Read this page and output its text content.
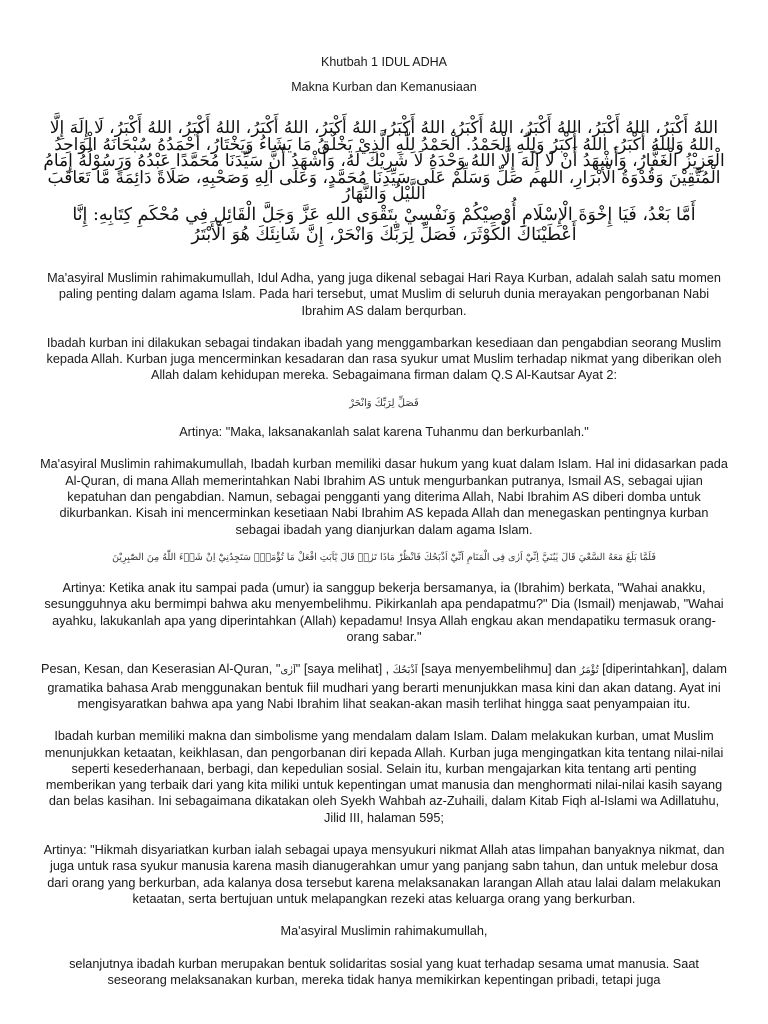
Khutbah 1 IDUL ADHA
Makna Kurban dan Kemanusiaan

اللهُ أَكْبَرُ، اللهُ أَكْبَرُ، اللهُ أَكْبَرُ، اللهُ أَكْبَرُ، اللهُ أَكْبَرُ، اللهُ أَكْبَرُ، اللهُ أَكْبَرُ، اللهُ أَكْبَرُ، اللهُ أَكْبَرُ، لَا إِلَهَ إِلَّا اللهُ وَاللهُ أَكْبَرُ، اللهُ أَكْبَرُ وَلِلّٰهِ الْحَمْدُ. الْحَمْدُ لِلّٰهِ الَّذِيْ يَخْلُقُ مَا يَشَاءُ وَيَخْتَارُ، أَحْمَدُهُ سُبْحَانَهُ الْوَاحِدُ الْعَزِيْزُ الْغَفَّارُ، وَأَشْهَدُ أَنْ لَا إِلَهَ إِلَّا اللهُ وَحْدَهُ لَا شَرِيْكَ لَهُ، وَأَشْهَدُ أَنَّ سَيِّدَنَا مُحَمَّدًا عَبْدُهُ وَرَسُوْلُهُ إِمَامُ الْمُتَّقِيْنَ وَقُدْوَةُ الْأَبْرَارِ، اللهم صَلِّ وَسَلِّمْ عَلَى سَيِّدِنَا مُحَمَّدٍ، وَعَلَى آلِهِ وَصَحْبِهِ، صَلَاةً دَائِمَةً مَّا تَعَاقَبَ اللَّيْلُ وَالنَّهَارُ

أَمَّا بَعْدُ، فَيَا إِخْوَةَ الْإِسْلَامِ أُوْصِيْكُمْ وَنَفْسِيْ بِتَقْوَى اللهِ عَزَّ وَجَلَّ الْقَائِلِ فِي مُحْكَمِ كِتَابِهِ: إِنَّا أَعْطَيْنَاكَ الْكَوْثَرَ، فَصَلِّ لِرَبِّكَ وَانْحَرْ، إِنَّ شَانِئَكَ هُوَ الْأَبْتَرُ

Ma'asyiral Muslimin rahimakumullah, Idul Adha, yang juga dikenal sebagai Hari Raya Kurban, adalah salah satu momen paling penting dalam agama Islam. Pada hari tersebut, umat Muslim di seluruh dunia merayakan pengorbanan Nabi Ibrahim AS dalam berqurban.

Ibadah kurban ini dilakukan sebagai tindakan ibadah yang menggambarkan kesediaan dan pengabdian seorang Muslim kepada Allah. Kurban juga mencerminkan kesadaran dan rasa syukur umat Muslim terhadap nikmat yang diberikan oleh Allah dalam kehidupan mereka. Sebagaimana firman dalam Q.S Al-Kautsar Ayat 2:

فَصَلِّ لِرَبِّكَ وَانْحَرْ

Artinya: "Maka, laksanakanlah salat karena Tuhanmu dan berkurbanlah."

Ma'asyiral Muslimin rahimakumullah, Ibadah kurban memiliki dasar hukum yang kuat dalam Islam. Hal ini didasarkan pada Al-Quran, di mana Allah memerintahkan Nabi Ibrahim AS untuk mengurbankan putranya, Ismail AS, sebagai ujian kepatuhan dan pengabdian. Namun, sebagai pengganti yang diterima Allah, Nabi Ibrahim AS diberi domba untuk dikurbankan. Kisah ini mencerminkan kesetiaan Nabi Ibrahim AS kepada Allah dan menegaskan pentingnya kurban sebagai ibadah yang dianjurkan dalam agama Islam.

فَلَمَّا بَلَغَ مَعَهُ السَّعْيَ قَالَ يٰبُنَيَّ اِنِّيْٓ اَرٰى فِى الْمَنَامِ اَنِّيْٓ اَذْبَحُكَ فَانْظُرْ مَاذَا تَرٰىۗ قَالَ يٰٓاَبَتِ افْعَلْ مَا تُؤْمَرُۖ سَتَجِدُنِيْٓ اِنْ شَاۤءَ اللّٰهُ مِنَ الصّٰبِرِيْنَ

Artinya: Ketika anak itu sampai pada (umur) ia sanggup bekerja bersamanya, ia (Ibrahim) berkata, "Wahai anakku, sesungguhnya aku bermimpi bahwa aku menyembelihmu. Pikirkanlah apa pendapatmu?" Dia (Ismail) menjawab, "Wahai ayahku, lakukanlah apa yang diperintahkan (Allah) kepadamu! Insya Allah engkau akan mendapatiku termasuk orang-orang sabar."

Pesan, Kesan, dan Keserasian Al-Quran, "اَرٰى" [saya melihat] , اَذْبَحُكَ [saya menyembelihmu] dan تُؤْمَرُ [diperintahkan], dalam gramatika bahasa Arab menggunakan bentuk fiil mudhari yang berarti menunjukkan masa kini dan akan datang. Ayat ini mengisyaratkan bahwa apa yang Nabi Ibrahim lihat seakan-akan masih terlihat hingga saat penyampaian itu.

Ibadah kurban memiliki makna dan simbolisme yang mendalam dalam Islam. Dalam melakukan kurban, umat Muslim menunjukkan ketaatan, keikhlasan, dan pengorbanan diri kepada Allah. Kurban juga mengingatkan kita tentang nilai-nilai seperti kesederhanaan, berbagi, dan kepedulian sosial. Selain itu, kurban mengajarkan kita tentang arti penting memberikan yang terbaik dari yang kita miliki untuk kepentingan umat manusia dan menghormati nilai-nilai kasih sayang dan belas kasihan. Ini sebagaimana dikatakan oleh Syekh Wahbah az-Zuhaili, dalam Kitab Fiqh al-Islami wa Adillatuhu, Jilid III, halaman 595;

Artinya: "Hikmah disyariatkan kurban ialah sebagai upaya mensyukuri nikmat Allah atas limpahan banyaknya nikmat, dan juga untuk rasa syukur manusia karena masih dianugerahkan umur yang panjang sabn tahun, dan untuk melebur dosa dari orang yang berkurban, ada kalanya dosa tersebut karena melaksanakan larangan Allah atau lalai dalam melakukan ketaatan, serta bertujuan untuk melapangkan rezeki atas keluarga orang yang berkurban.

Ma'asyiral Muslimin rahimakumullah,

selanjutnya ibadah kurban merupakan bentuk solidaritas sosial yang kuat terhadap sesama umat manusia. Saat seseorang melaksanakan kurban, mereka tidak hanya memikirkan kepentingan pribadi, tetapi juga
